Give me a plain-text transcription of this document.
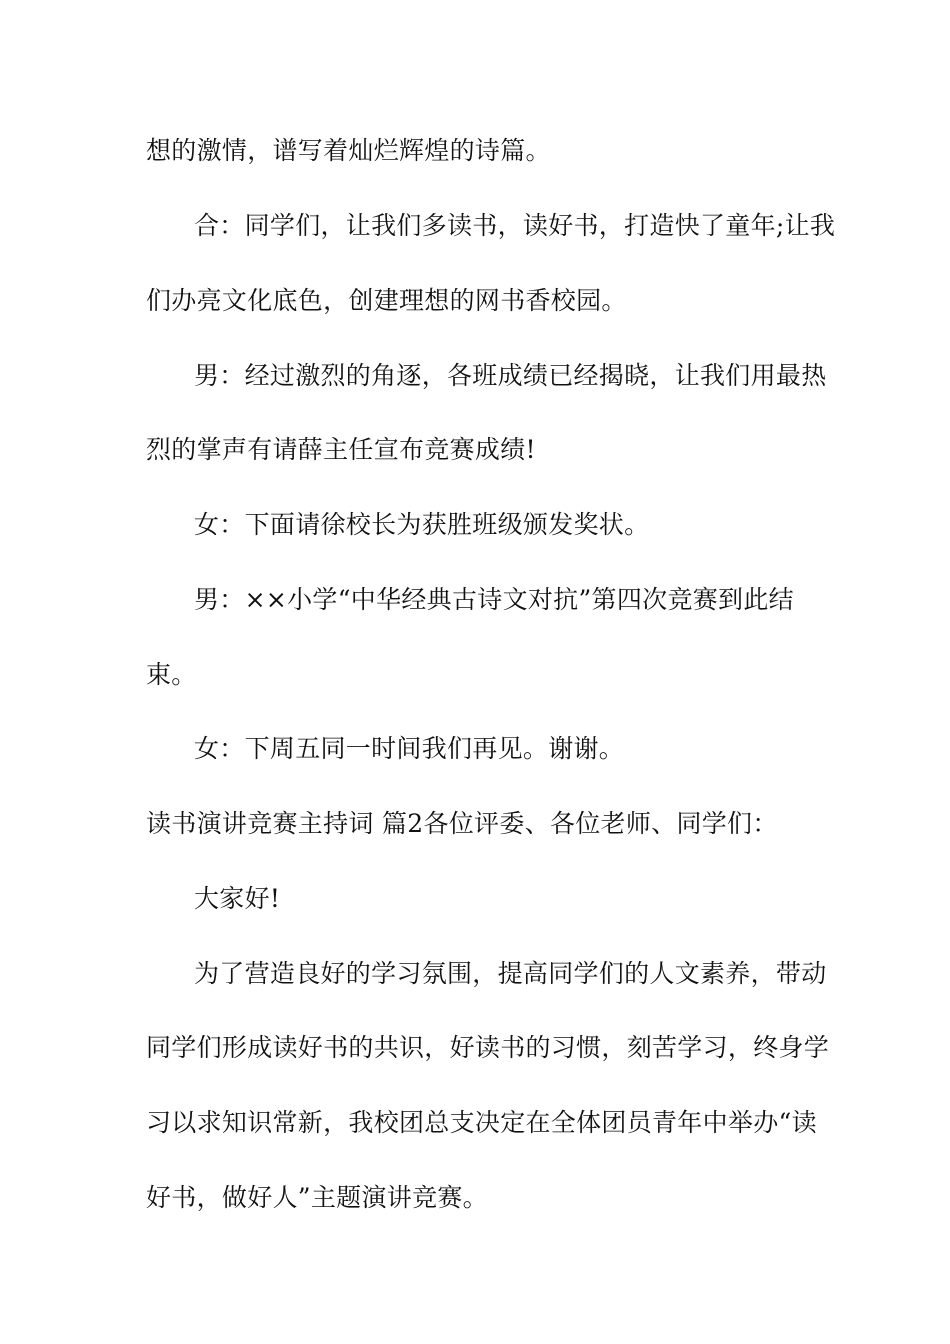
想的激情，谱写着灿烂辉煌的诗篇。
合：同学们，让我们多读书，读好书，打造快了童年;让我
们办亮文化底色，创建理想的网书香校园。
男：经过激烈的角逐，各班成绩已经揭晓，让我们用最热
烈的掌声有请薛主任宣布竞赛成绩!
女：下面请徐校长为获胜班级颁发奖状。
男：××小学“中华经典古诗文对抗”第四次竞赛到此结
束。
女：下周五同一时间我们再见。谢谢。
读书演讲竞赛主持词 篇2各位评委、各位老师、同学们：
大家好!
为了营造良好的学习氛围，提高同学们的人文素养，带动
同学们形成读好书的共识，好读书的习惯，刻苦学习，终身学
习以求知识常新，我校团总支决定在全体团员青年中举办“读
好书，做好人”主题演讲竞赛。
